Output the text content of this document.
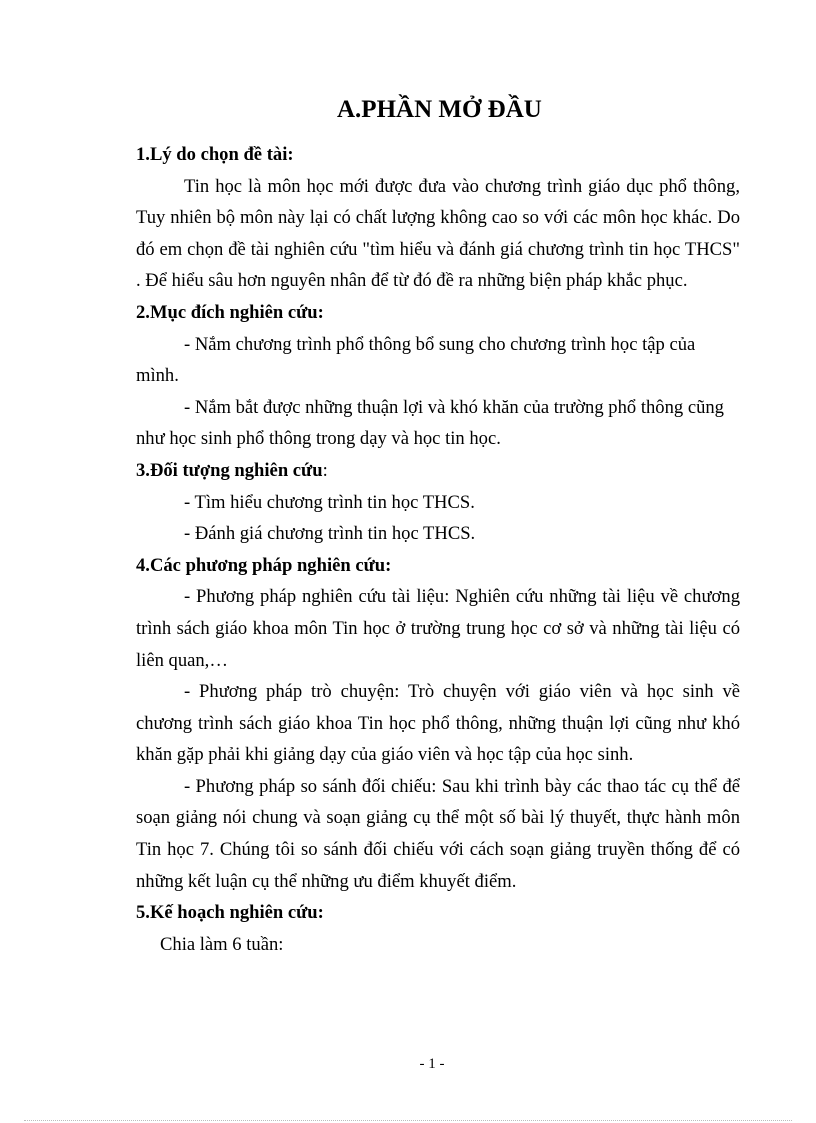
A.PHẦN MỞ ĐẦU

1.Lý do chọn đề tài:

Tin học là môn học mới được đưa vào chương trình giáo dục phổ thông, Tuy nhiên bộ môn này lại có chất lượng không cao so với các môn học khác. Do đó em chọn đề tài nghiên cứu "tìm hiểu và đánh giá chương trình tin học THCS" . Để hiểu sâu hơn nguyên nhân để từ đó đề ra những biện pháp khắc phục.

2.Mục đích nghiên cứu:

- Nắm chương trình phổ thông bổ sung cho chương trình học tập của mình.

- Nắm bắt được những thuận lợi và khó khăn của trường phổ thông cũng như học sinh phổ thông trong dạy và học tin học.

3.Đối tượng nghiên cứu:

- Tìm hiểu chương trình tin học THCS.

- Đánh giá chương trình tin học THCS.

4.Các phương pháp nghiên cứu:

- Phương pháp nghiên cứu tài liệu: Nghiên cứu những tài liệu về chương trình sách giáo khoa môn Tin học ở trường trung học cơ sở và những tài liệu có liên quan,…

- Phương pháp trò chuyện: Trò chuyện với giáo viên và học sinh về chương trình sách giáo khoa Tin học phổ thông, những thuận lợi cũng như khó khăn gặp phải khi giảng dạy của giáo viên và học tập của học sinh.

- Phương pháp so sánh đối chiếu: Sau khi trình bày các thao tác cụ thể để soạn giảng nói chung và soạn giảng cụ thể một số bài lý thuyết, thực hành môn Tin học 7. Chúng tôi so sánh đối chiếu với cách soạn giảng truyền thống để có những kết luận cụ thể những ưu điểm khuyết điểm.

5.Kế hoạch nghiên cứu:

Chia làm 6 tuần:

- 1 -
